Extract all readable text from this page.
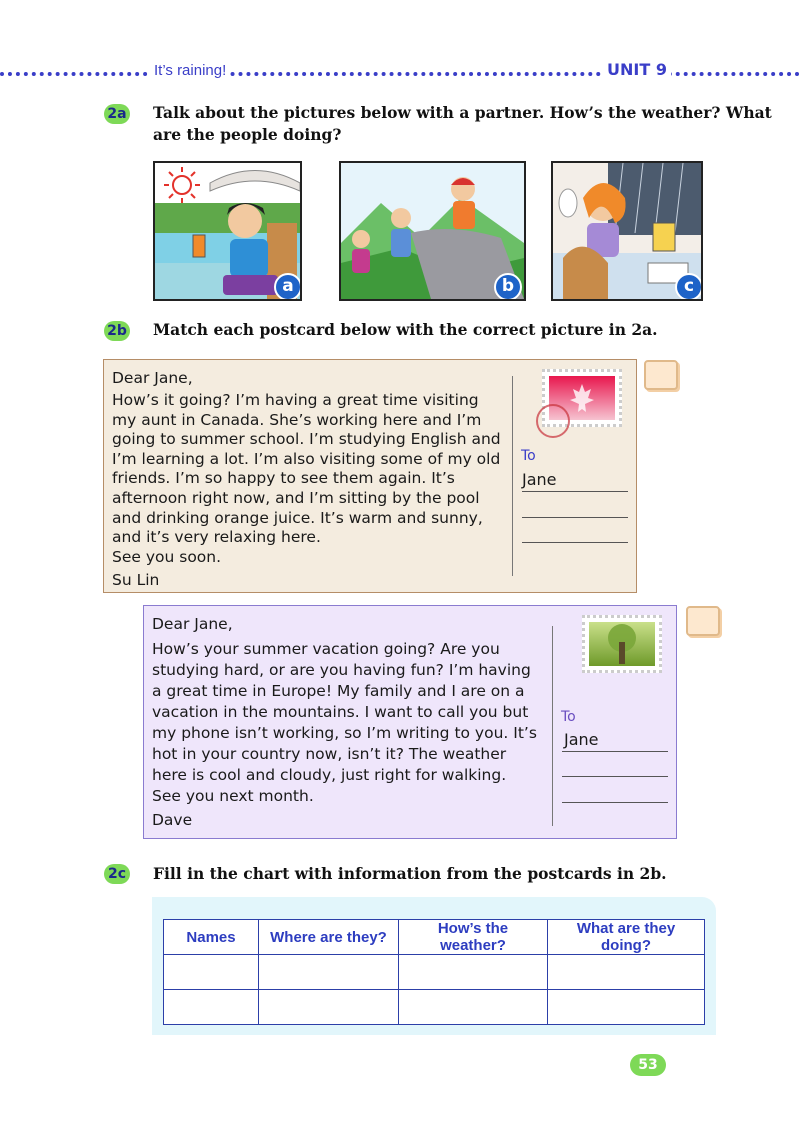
It’s raining!	UNIT 9
2a Talk about the pictures below with a partner. How’s the weather? What
are the people doing?
a	b	c
2b Match each postcard below with the correct picture in 2a.
Dear Jane,
How’s it going? I’m having a great time visiting
my aunt in Canada. She’s working here and I’m
going to summer school. I’m studying English and
I’m learning a lot. I’m also visiting some of my old
friends. I’m so happy to see them again. It’s
afternoon right now, and I’m sitting by the pool
and drinking orange juice. It’s warm and sunny,
and it’s very relaxing here.
See you soon.
Su Lin
To
Jane
Dear Jane,
How’s your summer vacation going? Are you
studying hard, or are you having fun? I’m having
a great time in Europe! My family and I are on a
vacation in the mountains. I want to call you but
my phone isn’t working, so I’m writing to you. It’s
hot in your country now, isn’t it? The weather
here is cool and cloudy, just right for walking.
See you next month.
Dave
To
Jane
2c Fill in the chart with information from the postcards in 2b.
Names	Where are they?	How’s the weather?	What are they doing?

53
